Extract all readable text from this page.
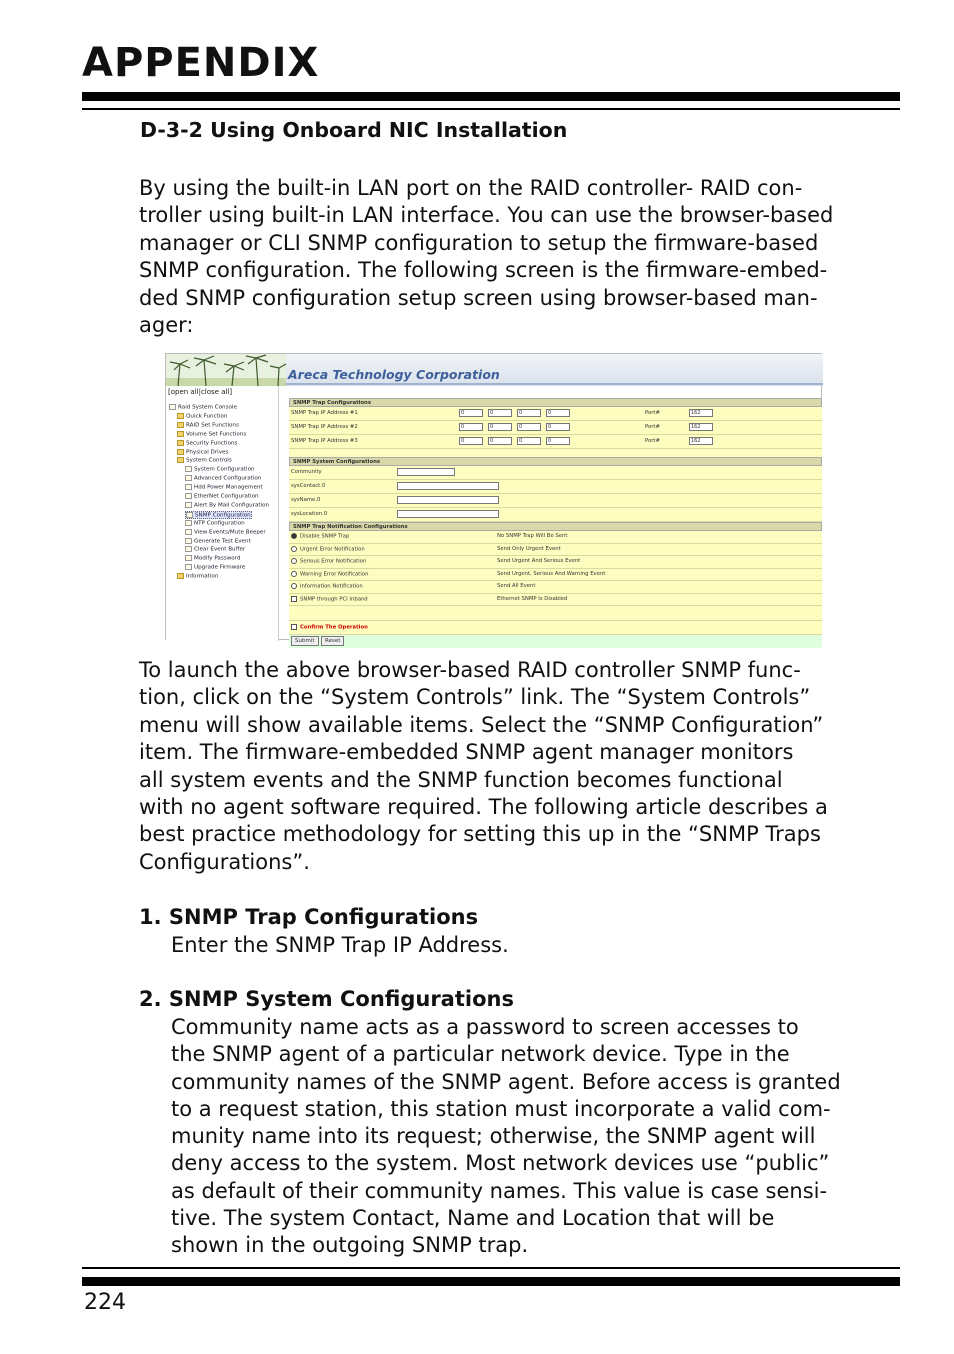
APPENDIX
D-3-2 Using Onboard NIC Installation

By using the built-in LAN port on the RAID controller- RAID con-
troller using built-in LAN interface. You can use the browser-based
manager or CLI SNMP configuration to setup the firmware-based
SNMP configuration. The following screen is the firmware-embed-
ded SNMP configuration setup screen using browser-based man-
ager:

Areca Technology Corporation
[open all|close all]
Raid System Console
Quick Function
RAID Set Functions
Volume Set Functions
Security Functions
Physical Drives
System Controls
System Configuration
Advanced Configuration
Hdd Power Management
EtherNet Configuration
Alert By Mail Configuration
SNMP Configuration
NTP Configuration
View Events/Mute Beeper
Generate Test Event
Clear Event Buffer
Modify Password
Upgrade Firmware
Information
SNMP Trap Configurations
SNMP Trap IP Address #1	0	0	0	0	Port#	162
SNMP Trap IP Address #2	0	0	0	0	Port#	162
SNMP Trap IP Address #3	0	0	0	0	Port#	162
SNMP System Configurations
Community
sysContact.0
sysName.0
sysLocation.0
SNMP Trap Notification Configurations
Disable SNMP Trap	No SNMP Trap Will Be Sent
Urgent Error Notification	Send Only Urgent Event
Serious Error Notification	Send Urgent And Serious Event
Warning Error Notification	Send Urgent, Serious And Warning Event
Information Notification	Send All Event
SNMP through PCI Inband	Ethernet SNMP Is Disabled
Confirm The Operation
Submit	Reset

To launch the above browser-based RAID controller SNMP func-
tion, click on the “System Controls” link. The “System Controls”
menu will show available items. Select the “SNMP Configuration”
item. The firmware-embedded SNMP agent manager monitors
all system events and the SNMP function becomes functional
with no agent software required. The following article describes a
best practice methodology for setting this up in the “SNMP Traps
Configurations”.

1. SNMP Trap Configurations

Enter the SNMP Trap IP Address.

2. SNMP System Configurations

Community name acts as a password to screen accesses to
the SNMP agent of a particular network device. Type in the
community names of the SNMP agent. Before access is granted
to a request station, this station must incorporate a valid com-
munity name into its request; otherwise, the SNMP agent will
deny access to the system. Most network devices use “public”
as default of their community names. This value is case sensi-
tive. The system Contact, Name and Location that will be
shown in the outgoing SNMP trap.

224
